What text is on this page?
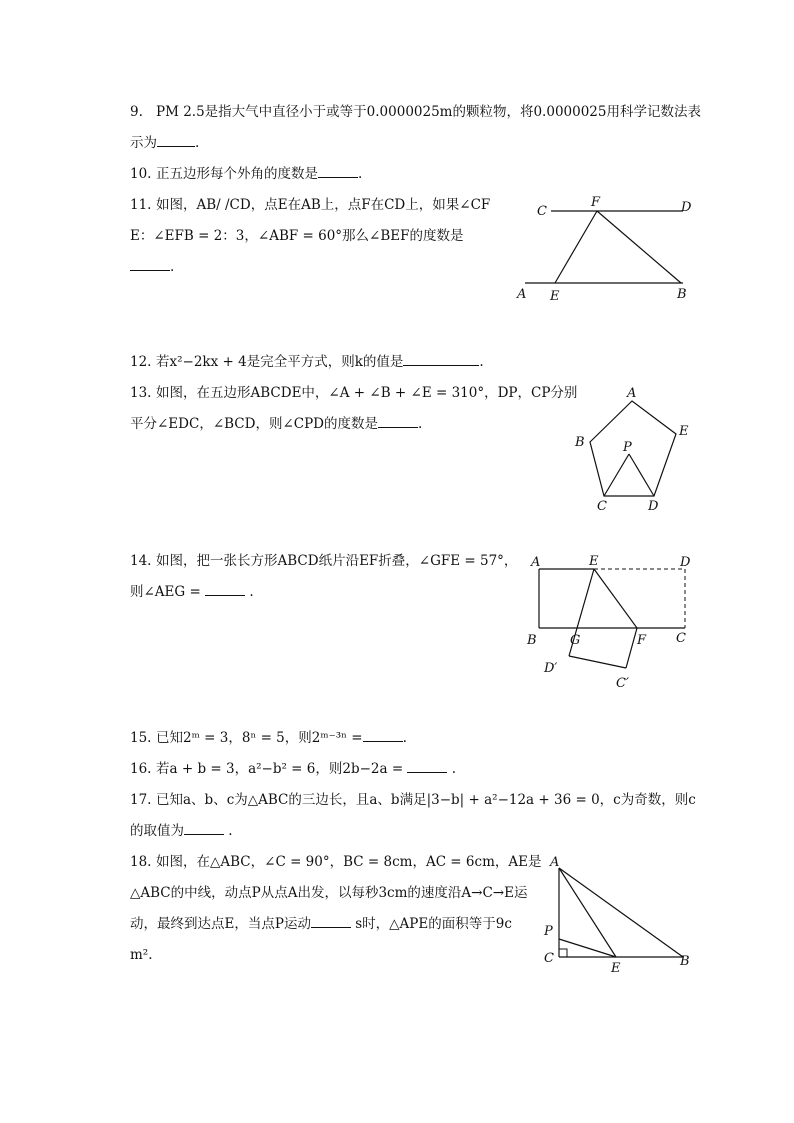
9. PM 2.5是指大气中直径小于或等于0.0000025m的颗粒物，将0.0000025用科学记数法表
示为	.
10. 正五边形每个外角的度数是	.
11. 如图，AB/ /CD，点E在AB上，点F在CD上，如果∠CF
E：∠EFB = 2：3，∠ABF = 60°那么∠BEF的度数是
.
C
F	D
A E	B
12. 若x²−2kx + 4是完全平方式，则k的值是	.
13. 如图，在五边形ABCDE中，∠A + ∠B + ∠E = 310°，DP，CP分别
平分∠EDC，∠BCD，则∠CPD的度数是	.
A
B
E
P
C	D
14. 如图，把一张长方形ABCD纸片沿EF折叠，∠GFE = 57°，
则∠AEG =	.
A	E	D
B	G	F C
D′
C′
15. 已知2ᵐ = 3，8ⁿ = 5，则2ᵐ⁻³ⁿ =	.
16. 若a + b = 3，a²−b² = 6，则2b−2a =	.
17. 已知a、b、c为△ABC的三边长，且a、b满足|3−b| + a²−12a + 36 = 0，c为奇数，则c
的取值为	.
18. 如图，在△ABC，∠C = 90°，BC = 8cm，AC = 6cm，AE是
△ABC的中线，动点P从点A出发，以每秒3cm的速度沿A→C→E运
动，最终到达点E，当点P运动	s时，△APE的面积等于9c
m².
A
P
C
E	B
